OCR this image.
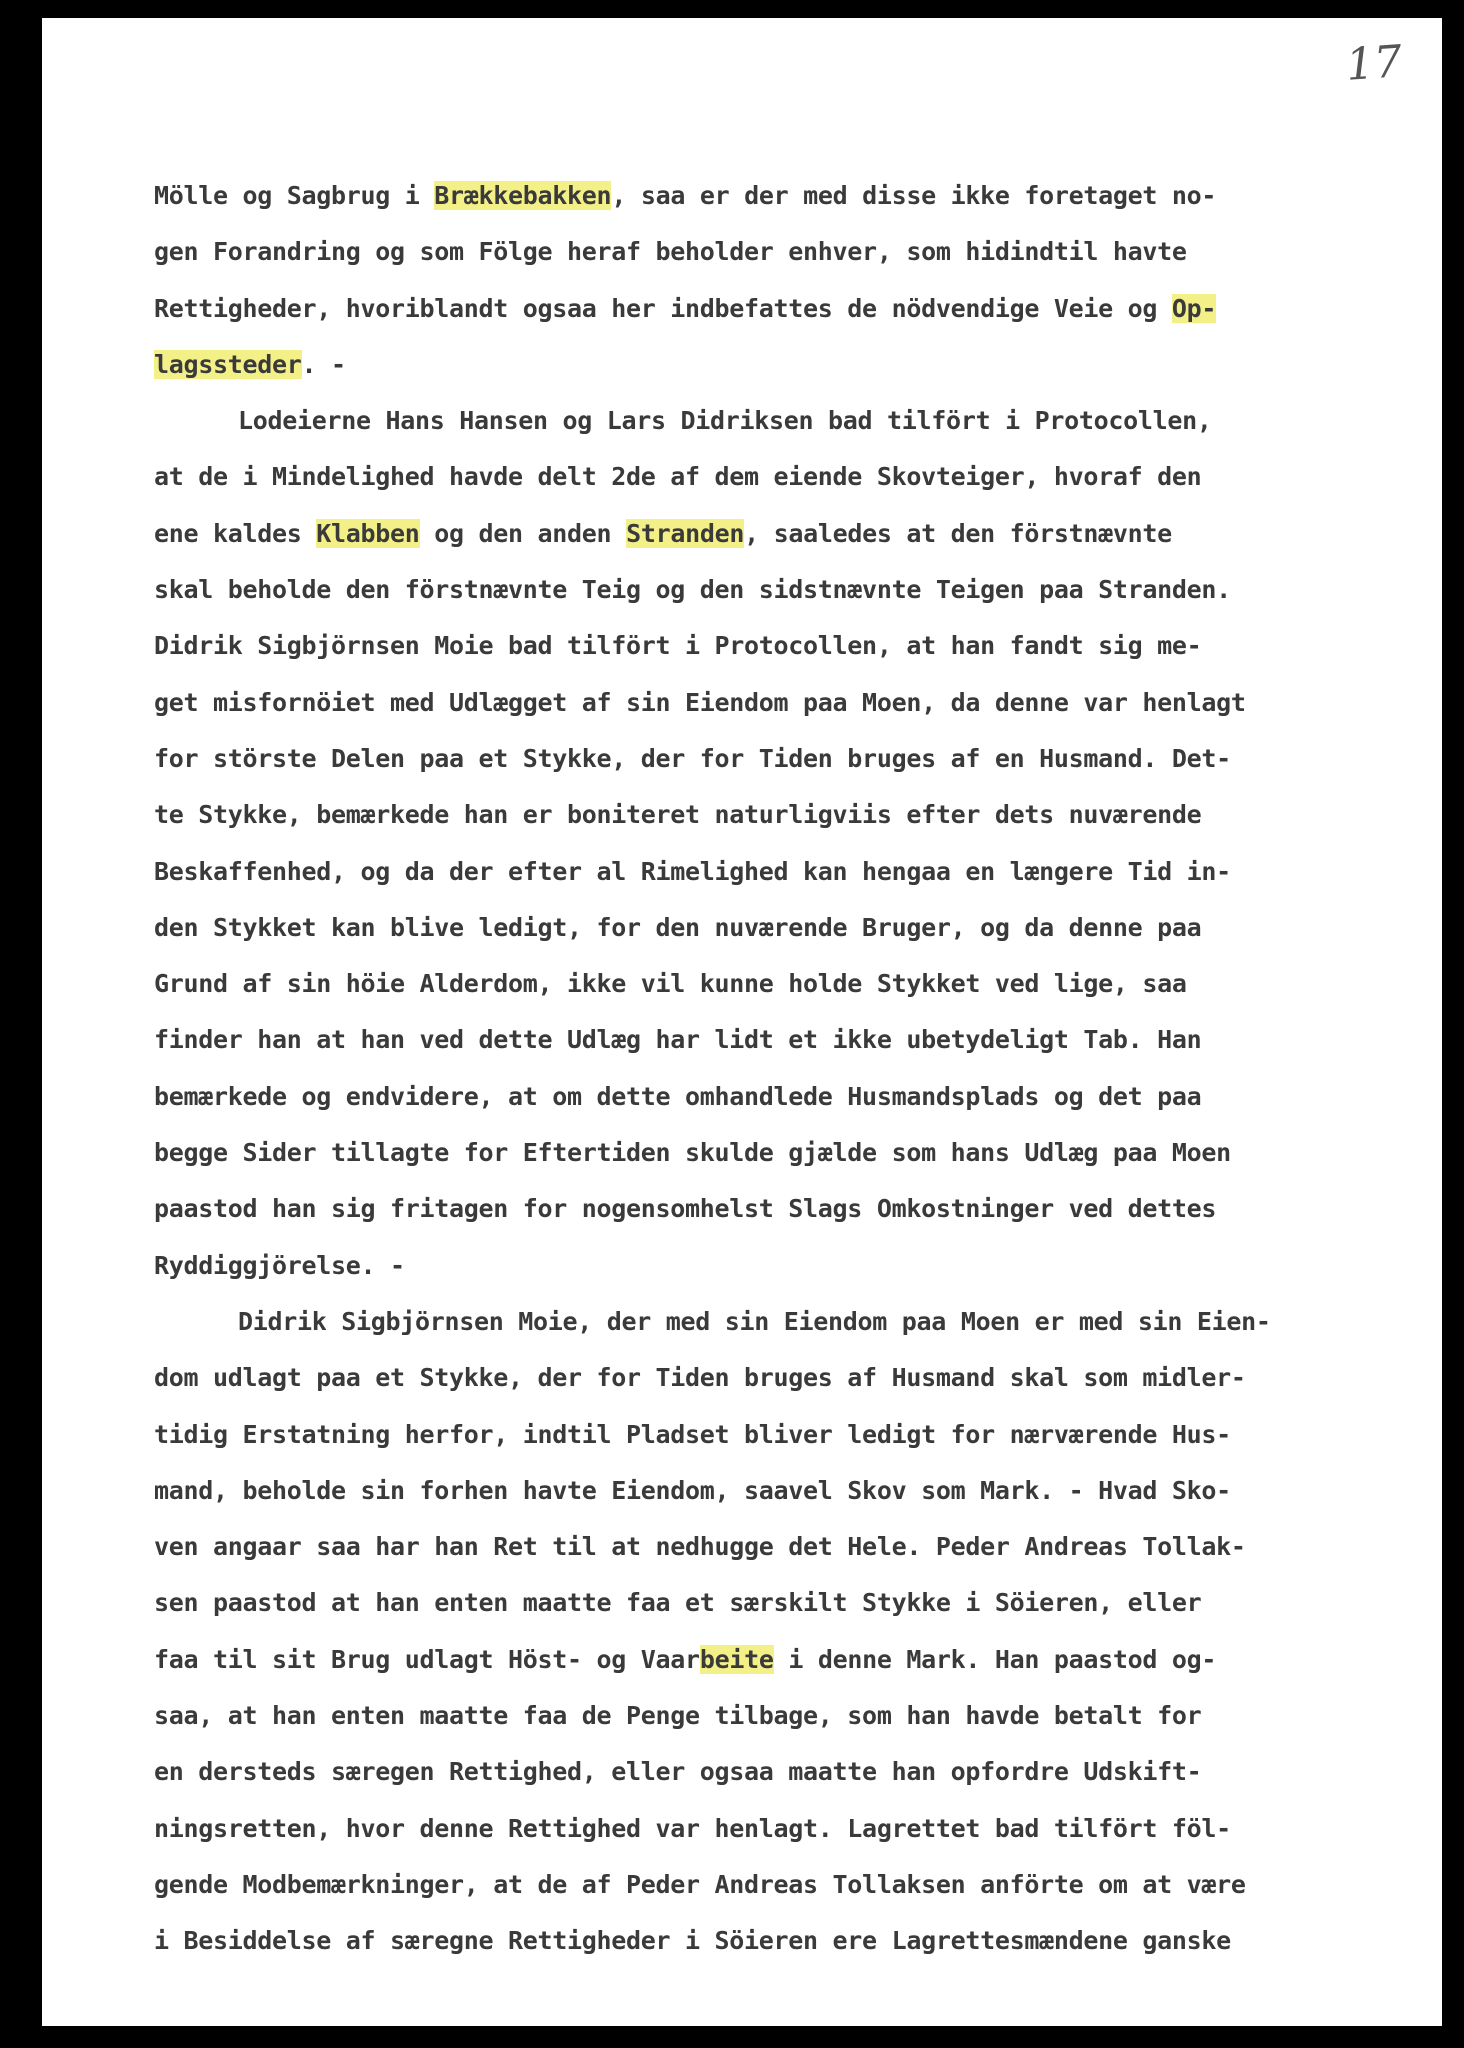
17
Mölle og Sagbrug i Brækkebakken, saa er der med disse ikke foretaget no-
gen Forandring og som Fölge heraf beholder enhver, som hidindtil havte
Rettigheder, hvoriblandt ogsaa her indbefattes de nödvendige Veie og Op-
lagssteder. -
Lodeierne Hans Hansen og Lars Didriksen bad tilfört i Protocollen,
at de i Mindelighed havde delt 2de af dem eiende Skovteiger, hvoraf den
ene kaldes Klabben og den anden Stranden, saaledes at den förstnævnte
skal beholde den förstnævnte Teig og den sidstnævnte Teigen paa Stranden.
Didrik Sigbjörnsen Moie bad tilfört i Protocollen, at han fandt sig me-
get misfornöiet med Udlægget af sin Eiendom paa Moen, da denne var henlagt
for störste Delen paa et Stykke, der for Tiden bruges af en Husmand. Det-
te Stykke, bemærkede han er boniteret naturligviis efter dets nuværende
Beskaffenhed, og da der efter al Rimelighed kan hengaa en længere Tid in-
den Stykket kan blive ledigt, for den nuværende Bruger, og da denne paa
Grund af sin höie Alderdom, ikke vil kunne holde Stykket ved lige, saa
finder han at han ved dette Udlæg har lidt et ikke ubetydeligt Tab. Han
bemærkede og endvidere, at om dette omhandlede Husmandsplads og det paa
begge Sider tillagte for Eftertiden skulde gjælde som hans Udlæg paa Moen
paastod han sig fritagen for nogensomhelst Slags Omkostninger ved dettes
Ryddiggjörelse. -
Didrik Sigbjörnsen Moie, der med sin Eiendom paa Moen er med sin Eien-
dom udlagt paa et Stykke, der for Tiden bruges af Husmand skal som midler-
tidig Erstatning herfor, indtil Pladset bliver ledigt for nærværende Hus-
mand, beholde sin forhen havte Eiendom, saavel Skov som Mark. - Hvad Sko-
ven angaar saa har han Ret til at nedhugge det Hele. Peder Andreas Tollak-
sen paastod at han enten maatte faa et særskilt Stykke i Söieren, eller
faa til sit Brug udlagt Höst- og Vaarbeite i denne Mark. Han paastod og-
saa, at han enten maatte faa de Penge tilbage, som han havde betalt for
en dersteds særegen Rettighed, eller ogsaa maatte han opfordre Udskift-
ningsretten, hvor denne Rettighed var henlagt. Lagrettet bad tilfört föl-
gende Modbemærkninger, at de af Peder Andreas Tollaksen anförte om at være
i Besiddelse af særegne Rettigheder i Söieren ere Lagrettesmændene ganske
